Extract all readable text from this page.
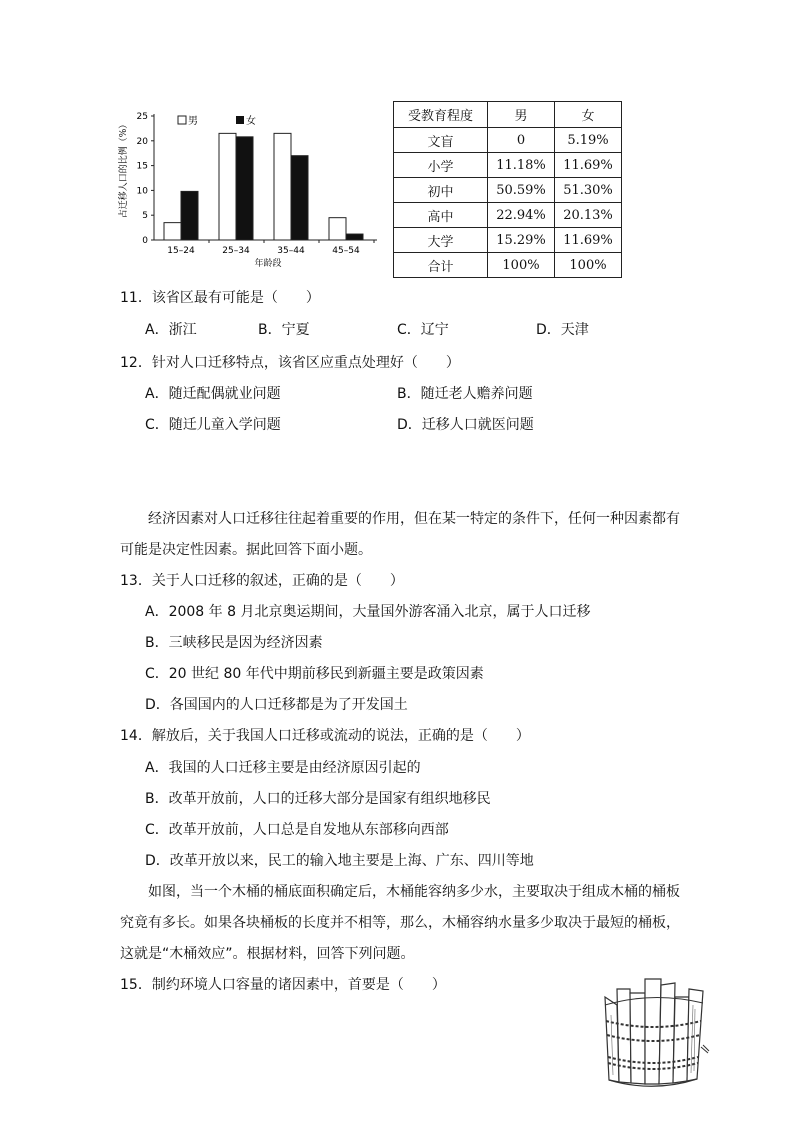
占迁移人口的比例（%）
0
5
10
15
20
25
15–24	25–34	35–44	45–54
男	女
年龄段
受教育程度	男	女
文盲	0	5.19%
小学	11.18%	11.69%
初中	50.59%	51.30%
高中	22.94%	20.13%
大学	15.29%	11.69%
合计	100%	100%
11．该省区最有可能是（　　）
A．浙江	B．宁夏	C．辽宁	D．天津
12．针对人口迁移特点，该省区应重点处理好（　　）
A．随迁配偶就业问题	B．随迁老人赡养问题
C．随迁儿童入学问题	D．迁移人口就医问题
经济因素对人口迁移往往起着重要的作用，但在某一特定的条件下，任何一种因素都有
可能是决定性因素。据此回答下面小题。
13．关于人口迁移的叙述，正确的是（　　）
A．2008 年 8 月北京奥运期间，大量国外游客涌入北京，属于人口迁移
B．三峡移民是因为经济因素
C．20 世纪 80 年代中期前移民到新疆主要是政策因素
D．各国国内的人口迁移都是为了开发国土
14．解放后，关于我国人口迁移或流动的说法，正确的是（　　）
A．我国的人口迁移主要是由经济原因引起的
B．改革开放前，人口的迁移大部分是国家有组织地移民
C．改革开放前，人口总是自发地从东部移向西部
D．改革开放以来，民工的输入地主要是上海、广东、四川等地
如图，当一个木桶的桶底面积确定后，木桶能容纳多少水，主要取决于组成木桶的桶板
究竟有多长。如果各块桶板的长度并不相等，那么，木桶容纳水量多少取决于最短的桶板，
这就是“木桶效应”。根据材料，回答下列问题。
15．制约环境人口容量的诸因素中，首要是（　　）
